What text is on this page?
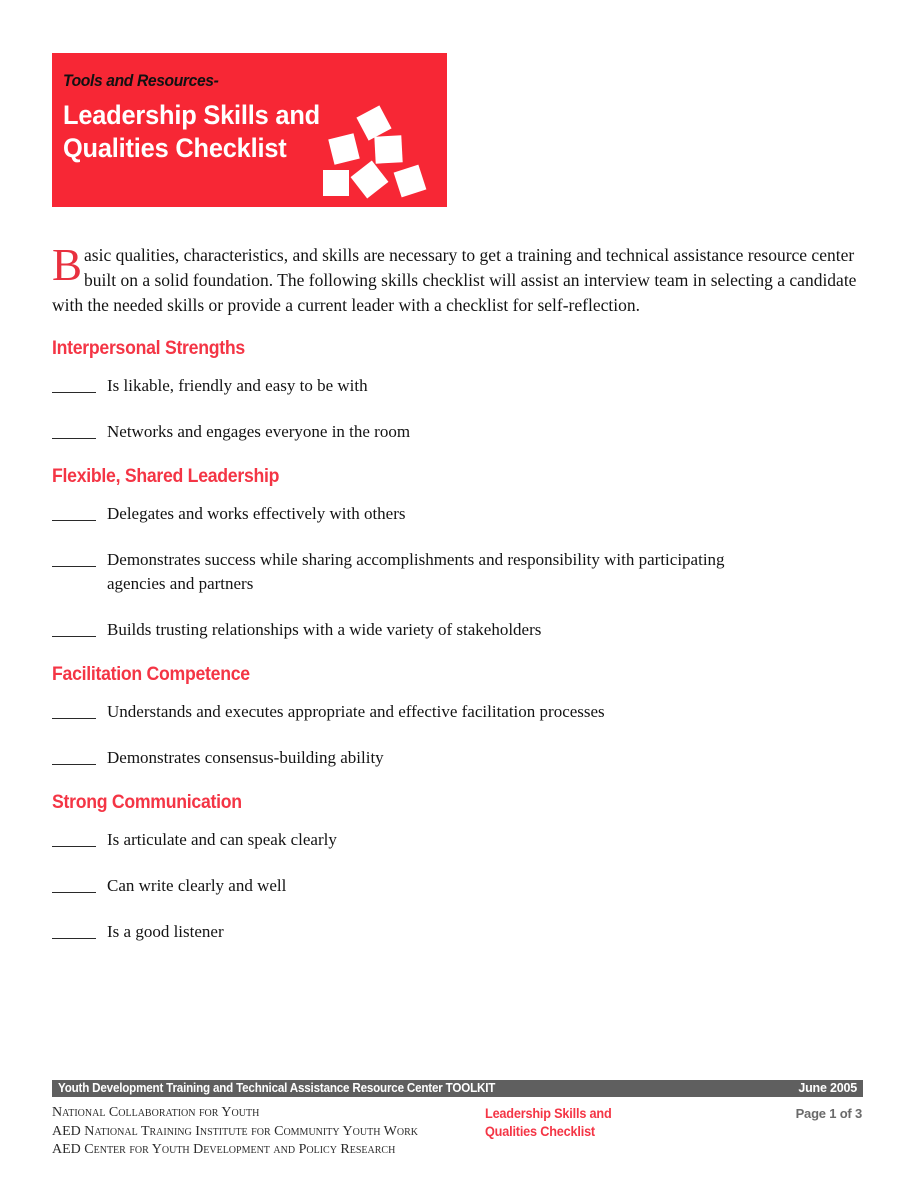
Tools and Resources-
Leadership Skills and
Qualities Checklist
Basic qualities, characteristics, and skills are necessary to get a training and technical assistance resource center built on a solid foundation. The following skills checklist will assist an interview team in selecting a candidate with the needed skills or provide a current leader with a checklist for self-reflection.
Interpersonal Strengths
Is likable, friendly and easy to be with
Networks and engages everyone in the room
Flexible, Shared Leadership
Delegates and works effectively with others
Demonstrates success while sharing accomplishments and responsibility with participating agencies and partners
Builds trusting relationships with a wide variety of stakeholders
Facilitation Competence
Understands and executes appropriate and effective facilitation processes
Demonstrates consensus-building ability
Strong Communication
Is articulate and can speak clearly
Can write clearly and well
Is a good listener
Youth Development Training and Technical Assistance Resource Center TOOLKIT	June 2005
National Collaboration for Youth
AED National Training Institute for Community Youth Work
AED Center for Youth Development and Policy Research
Leadership Skills and
Qualities Checklist
Page 1 of 3
